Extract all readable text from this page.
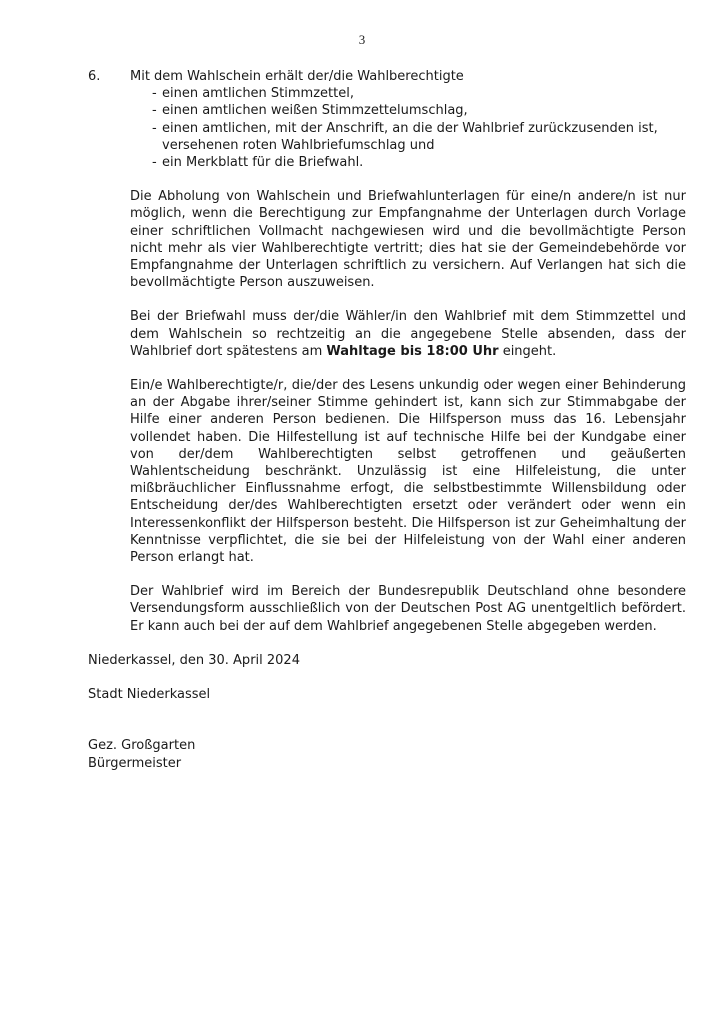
3
6.	Mit dem Wahlschein erhält der/die Wahlberechtigte
- einen amtlichen Stimmzettel,
- einen amtlichen weißen Stimmzettelumschlag,
- einen amtlichen, mit der Anschrift, an die der Wahlbrief zurückzusenden ist, versehenen roten Wahlbriefumschlag und
- ein Merkblatt für die Briefwahl.

Die Abholung von Wahlschein und Briefwahlunterlagen für eine/n andere/n ist nur möglich, wenn die Berechtigung zur Empfangnahme der Unterlagen durch Vorlage einer schriftlichen Vollmacht nachgewiesen wird und die bevollmächtigte Person nicht mehr als vier Wahlberechtigte vertritt; dies hat sie der Gemeindebehörde vor Empfangnahme der Unterlagen schriftlich zu versichern. Auf Verlangen hat sich die bevollmächtigte Person auszuweisen.

Bei der Briefwahl muss der/die Wähler/in den Wahlbrief mit dem Stimmzettel und dem Wahlschein so rechtzeitig an die angegebene Stelle absenden, dass der Wahlbrief dort spätestens am Wahltage bis 18:00 Uhr eingeht.

Ein/e Wahlberechtigte/r, die/der des Lesens unkundig oder wegen einer Behinderung an der Abgabe ihrer/seiner Stimme gehindert ist, kann sich zur Stimmabgabe der Hilfe einer anderen Person bedienen. Die Hilfsperson muss das 16. Lebensjahr vollendet haben. Die Hilfestellung ist auf technische Hilfe bei der Kundgabe einer von der/dem Wahlberechtigten selbst getroffenen und geäußerten Wahlentscheidung beschränkt. Unzulässig ist eine Hilfeleistung, die unter mißbräuchlicher Einflussnahme erfogt, die selbstbestimmte Willensbildung oder Entscheidung der/des Wahlberechtigten ersetzt oder verändert oder wenn ein Interessenkonflikt der Hilfsperson besteht. Die Hilfsperson ist zur Geheimhaltung der Kenntnisse verpflichtet, die sie bei der Hilfeleistung von der Wahl einer anderen Person erlangt hat.

Der Wahlbrief wird im Bereich der Bundesrepublik Deutschland ohne besondere Versendungsform ausschließlich von der Deutschen Post AG unentgeltlich befördert. Er kann auch bei der auf dem Wahlbrief angegebenen Stelle abgegeben werden.

Niederkassel, den 30. April 2024
Stadt Niederkassel
Gez. Großgarten
Bürgermeister
